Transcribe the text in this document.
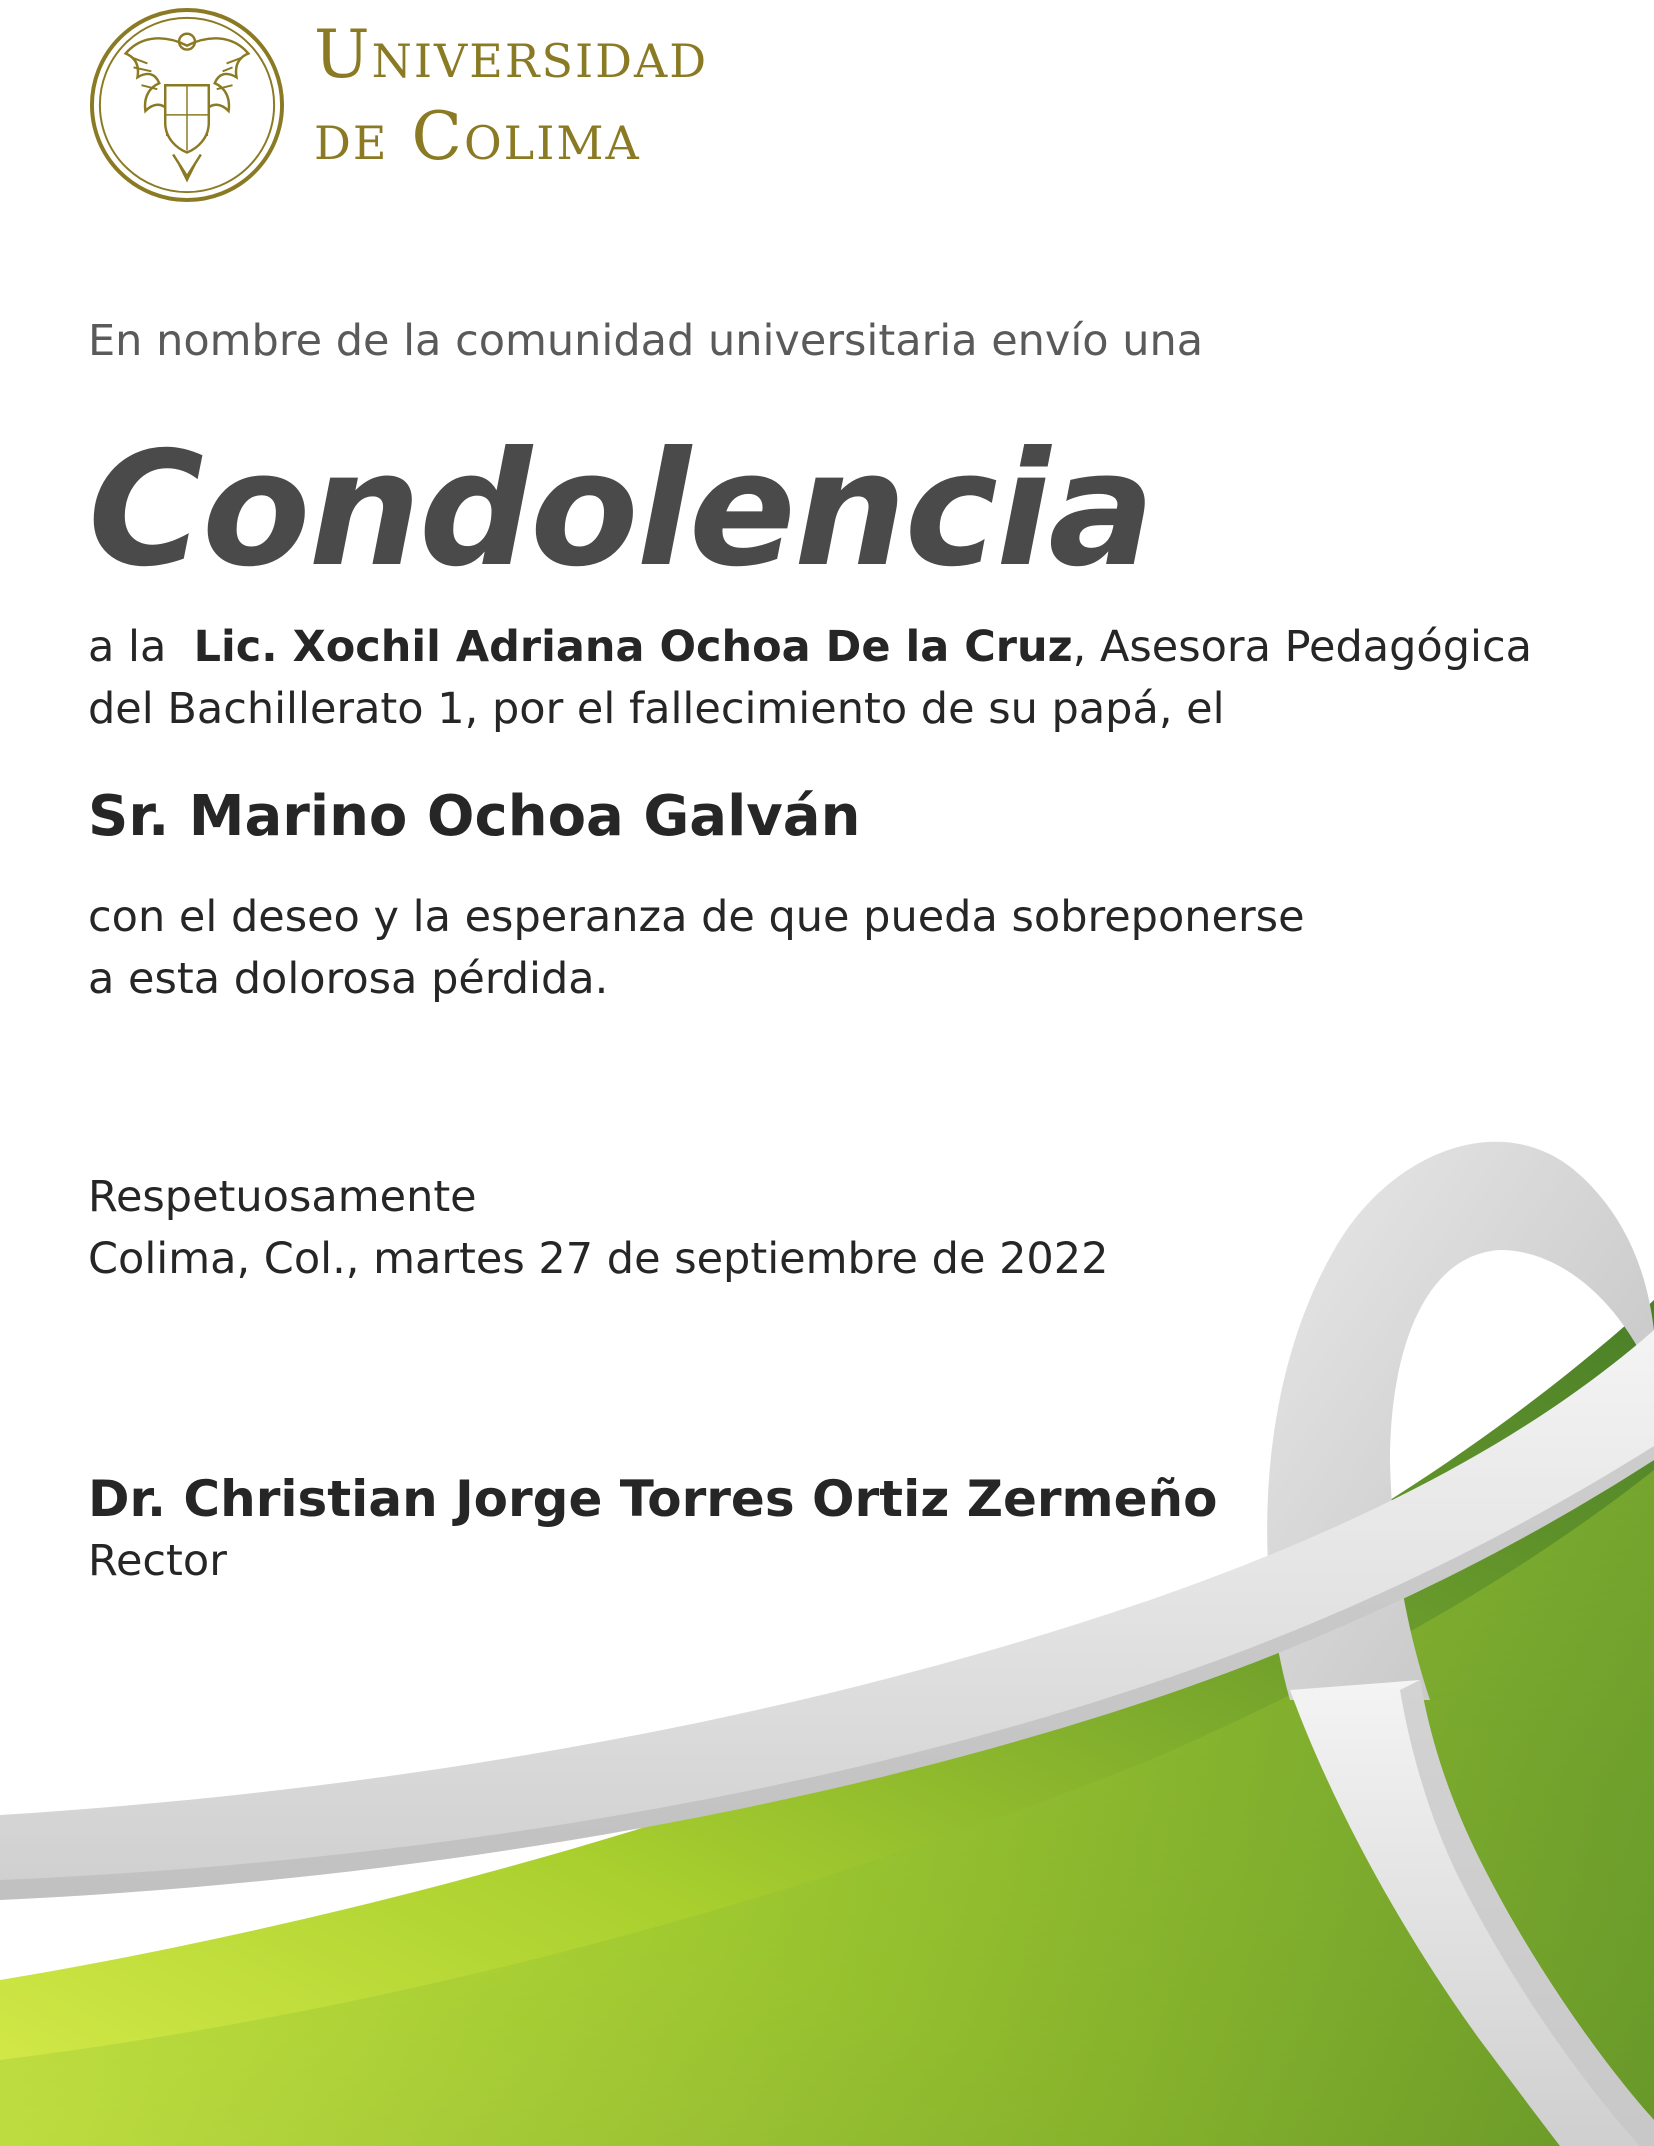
Universidad
de Colima
En nombre de la comunidad universitaria envío una
Condolencia
a la  Lic. Xochil Adriana Ochoa De la Cruz, Asesora Pedagógica
del Bachillerato 1, por el fallecimiento de su papá, el
Sr. Marino Ochoa Galván
con el deseo y la esperanza de que pueda sobreponerse
a esta dolorosa pérdida.
Respetuosamente
Colima, Col., martes 27 de septiembre de 2022
Dr. Christian Jorge Torres Ortiz Zermeño
Rector
